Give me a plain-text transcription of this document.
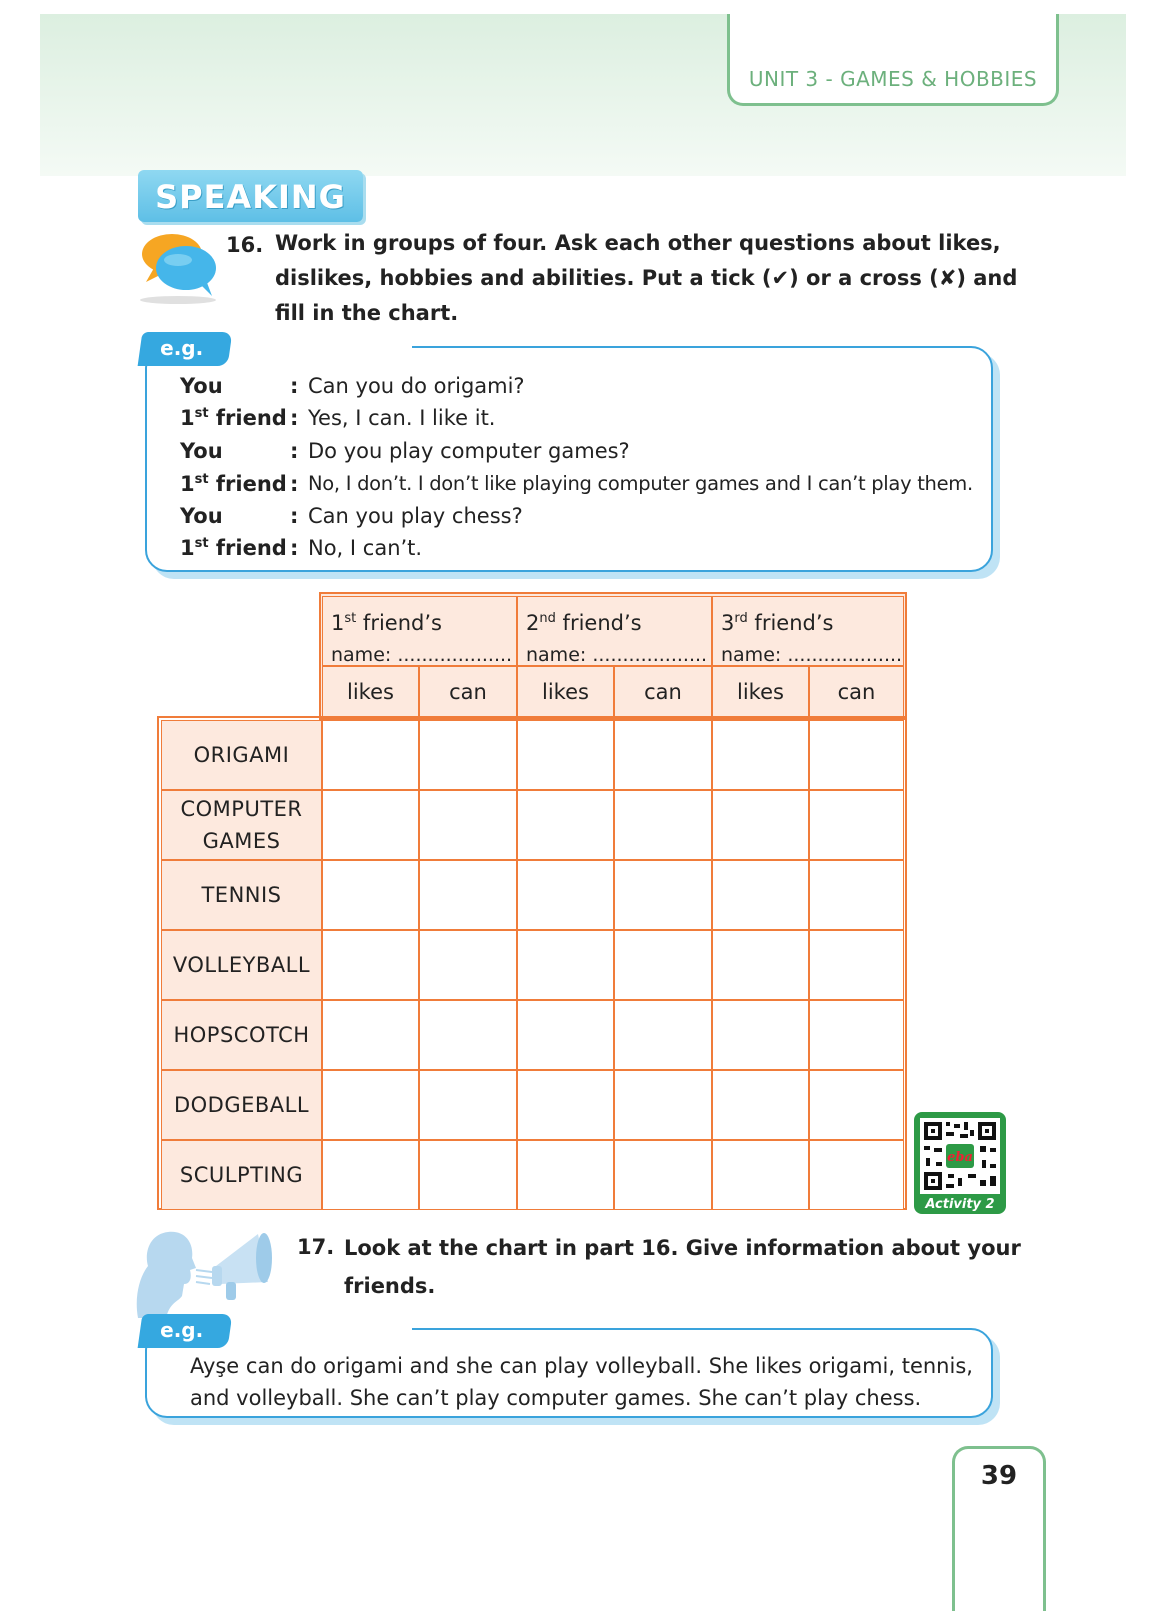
UNIT 3 - GAMES & HOBBIES
SPEAKING
16. Work in groups of four. Ask each other questions about likes,
dislikes, hobbies and abilities. Put a tick (✔) or a cross (✘) and
fill in the chart.
e.g.
You	: Can you do origami?
1st friend : Yes, I can. I like it.
You	: Do you play computer games?
1st friend : No, I don’t. I don’t like playing computer games and I can’t play them.
You	: Can you play chess?
1st friend : No, I can’t.
1st friend’s
name: ...................
2nd friend’s
name: ...................
3rd friend’s
name: ...................
likes	can	likes	can	likes	can
ORIGAMI
COMPUTER GAMES
TENNIS
VOLLEYBALL
HOPSCOTCH
DODGEBALL
SCULPTING
eba
Activity 2
17. Look at the chart in part 16. Give information about your
friends.
e.g.
Ayşe can do origami and she can play volleyball. She likes origami, tennis, and volleyball. She can’t play computer games. She can’t play chess.
39
